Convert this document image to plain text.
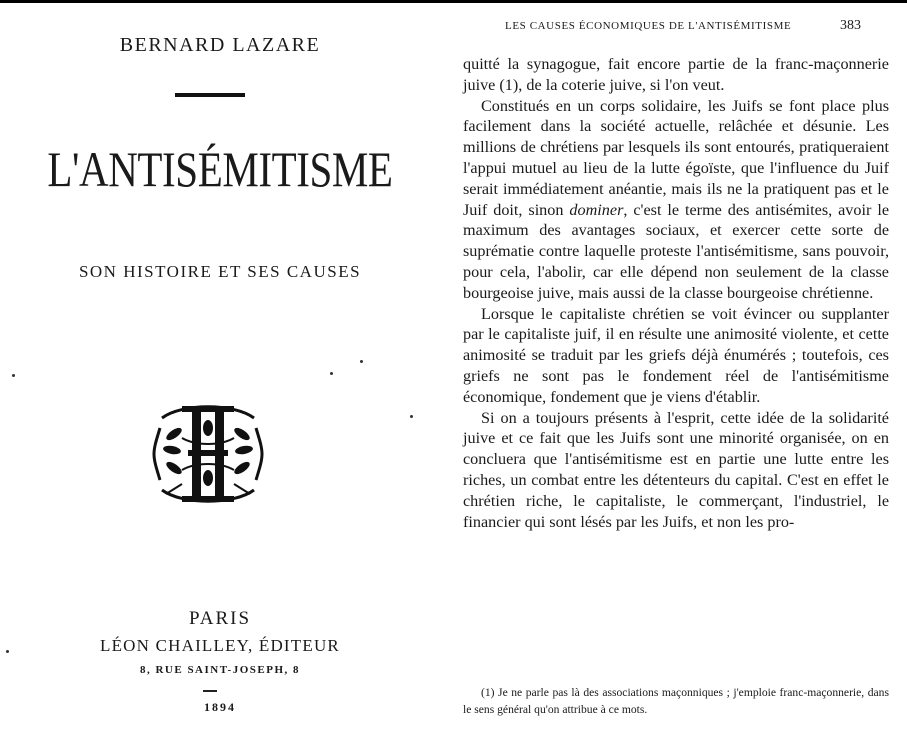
BERNARD LAZARE
L'ANTISÉMITISME
SON HISTOIRE ET SES CAUSES
PARIS
LÉON CHAILLEY, ÉDITEUR
8, RUE SAINT-JOSEPH, 8
1894
LES CAUSES ÉCONOMIQUES DE L'ANTISÉMITISME	383

quitté la synagogue, fait encore partie de la franc-maçonnerie juive (1), de la coterie juive, si l'on veut.

Constitués en un corps solidaire, les Juifs se font place plus facilement dans la société actuelle, relâchée et désunie. Les millions de chrétiens par lesquels ils sont entourés, pratiqueraient l'appui mutuel au lieu de la lutte égoïste, que l'influence du Juif serait immédiatement anéantie, mais ils ne la pratiquent pas et le Juif doit, sinon dominer, c'est le terme des antisémites, avoir le maximum des avantages sociaux, et exercer cette sorte de suprématie contre laquelle proteste l'antisémitisme, sans pouvoir, pour cela, l'abolir, car elle dépend non seulement de la classe bourgeoise juive, mais aussi de la classe bourgeoise chrétienne.

Lorsque le capitaliste chrétien se voit évincer ou supplanter par le capitaliste juif, il en résulte une animosité violente, et cette animosité se traduit par les griefs déjà énumérés ; toutefois, ces griefs ne sont pas le fondement réel de l'antisémitisme économique, fondement que je viens d'établir.

Si on a toujours présents à l'esprit, cette idée de la solidarité juive et ce fait que les Juifs sont une minorité organisée, on en concluera que l'antisémitisme est en partie une lutte entre les riches, un combat entre les détenteurs du capital. C'est en effet le chrétien riche, le capitaliste, le commerçant, l'industriel, le financier qui sont lésés par les Juifs, et non les pro-

(1) Je ne parle pas là des associations maçonniques ; j'emploie franc-maçonnerie, dans le sens général qu'on attribue à ce mots.
